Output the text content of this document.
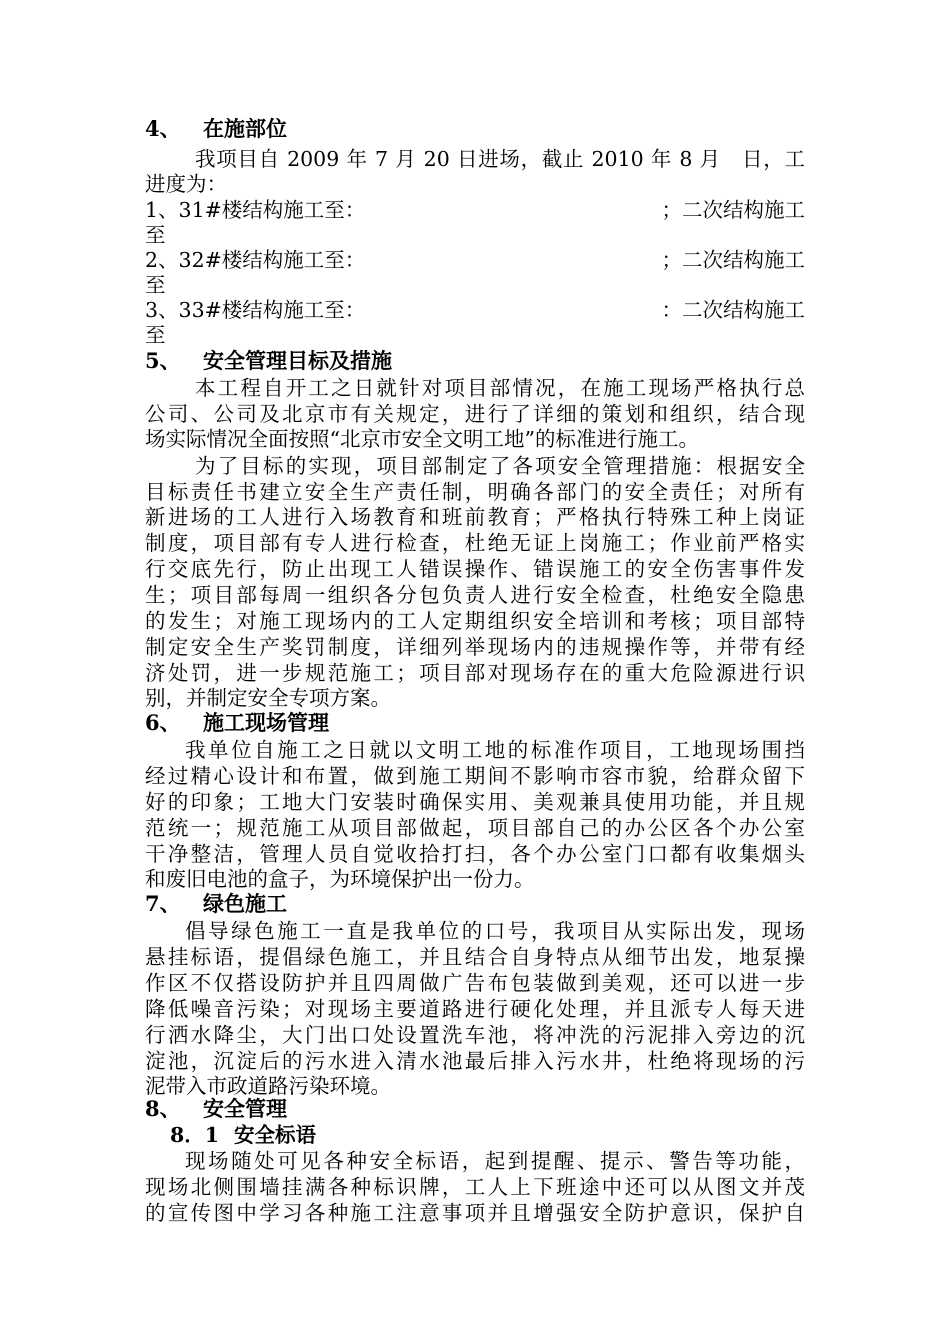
4、 在施部位
我项目自 2009 年 7 月 20 日进场，截止 2010 年 8 月　日，工
进度为：
1、31#楼结构施工至：	；二次结构施工
至
2、32#楼结构施工至：	；二次结构施工
至
3、33#楼结构施工至：	：二次结构施工
至
5、 安全管理目标及措施
本工程自开工之日就针对项目部情况，在施工现场严格执行总
公司、公司及北京市有关规定，进行了详细的策划和组织，结合现
场实际情况全面按照“北京市安全文明工地”的标准进行施工。
为了目标的实现，项目部制定了各项安全管理措施：根据安全
目标责任书建立安全生产责任制，明确各部门的安全责任；对所有
新进场的工人进行入场教育和班前教育；严格执行特殊工种上岗证
制度，项目部有专人进行检查，杜绝无证上岗施工；作业前严格实
行交底先行，防止出现工人错误操作、错误施工的安全伤害事件发
生；项目部每周一组织各分包负责人进行安全检查，杜绝安全隐患
的发生；对施工现场内的工人定期组织安全培训和考核；项目部特
制定安全生产奖罚制度，详细列举现场内的违规操作等，并带有经
济处罚，进一步规范施工；项目部对现场存在的重大危险源进行识
别，并制定安全专项方案。
6、 施工现场管理
我单位自施工之日就以文明工地的标准作项目，工地现场围挡
经过精心设计和布置，做到施工期间不影响市容市貌，给群众留下
好的印象；工地大门安装时确保实用、美观兼具使用功能，并且规
范统一；规范施工从项目部做起，项目部自己的办公区各个办公室
干净整洁，管理人员自觉收拾打扫，各个办公室门口都有收集烟头
和废旧电池的盒子，为环境保护出一份力。
7、 绿色施工
倡导绿色施工一直是我单位的口号，我项目从实际出发，现场
悬挂标语，提倡绿色施工，并且结合自身特点从细节出发，地泵操
作区不仅搭设防护并且四周做广告布包装做到美观，还可以进一步
降低噪音污染；对现场主要道路进行硬化处理，并且派专人每天进
行洒水降尘，大门出口处设置洗车池，将冲洗的污泥排入旁边的沉
淀池，沉淀后的污水进入清水池最后排入污水井，杜绝将现场的污
泥带入市政道路污染环境。
8、 安全管理
8．1 安全标语
现场随处可见各种安全标语，起到提醒、提示、警告等功能，
现场北侧围墙挂满各种标识牌，工人上下班途中还可以从图文并茂
的宣传图中学习各种施工注意事项并且增强安全防护意识，保护自
